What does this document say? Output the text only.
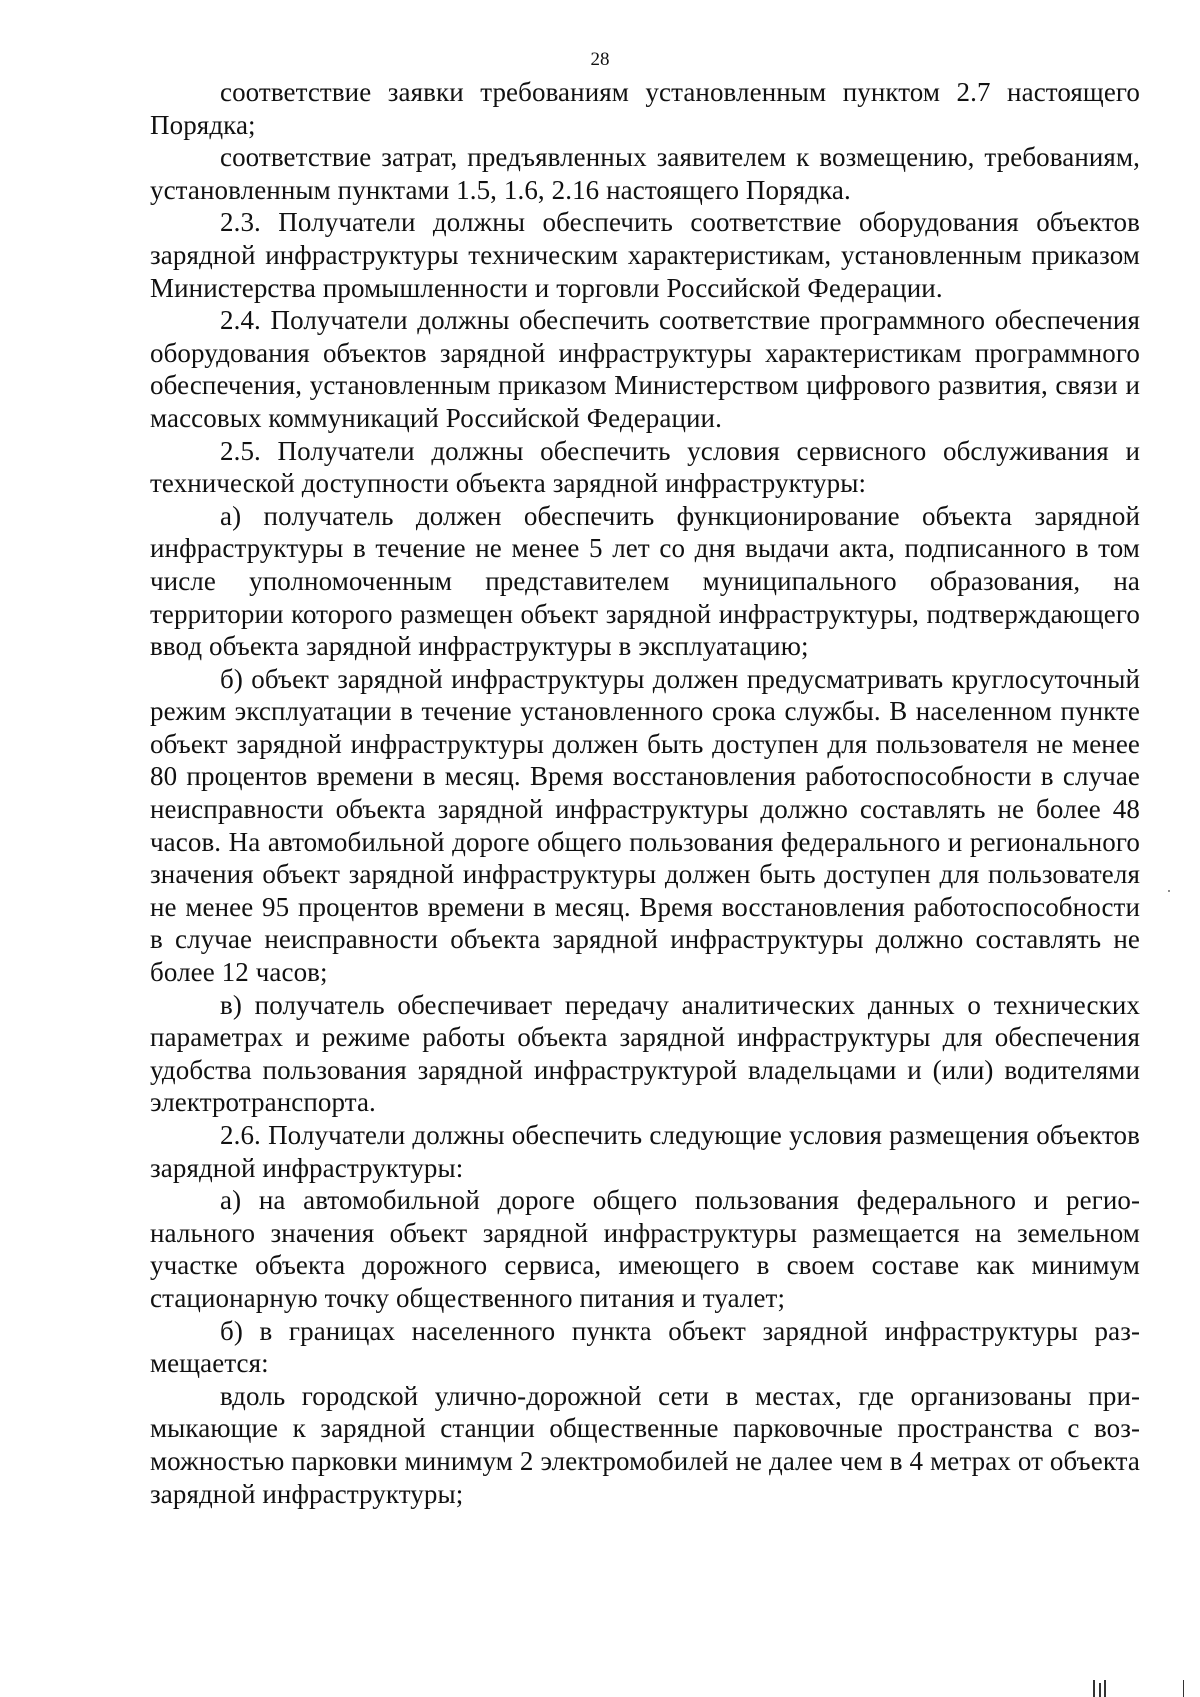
28

соответствие заявки требованиям установленным пунктом 2.7 настоящего Порядка;

соответствие затрат, предъявленных заявителем к возмещению, требованиям, установленным пунктами 1.5, 1.6, 2.16 настоящего Порядка.

2.3. Получатели должны обеспечить соответствие оборудования объектов зарядной инфраструктуры техническим характеристикам, установленным приказом Министерства промышленности и торговли Российской Федерации.

2.4. Получатели должны обеспечить соответствие программного обеспечения оборудования объектов зарядной инфраструктуры характеристикам программного обеспечения, установленным приказом Министерством цифрового развития, связи и массовых коммуникаций Российской Федерации.

2.5. Получатели должны обеспечить условия сервисного обслуживания и технической доступности объекта зарядной инфраструктуры:

а) получатель должен обеспечить функционирование объекта зарядной инфраструктуры в течение не менее 5 лет со дня выдачи акта, подписанного в том числе уполномоченным представителем муниципального образования, на территории которого размещен объект зарядной инфраструктуры, подтверждающего ввод объекта зарядной инфраструктуры в эксплуатацию;

б) объект зарядной инфраструктуры должен предусматривать круглосуточный режим эксплуатации в течение установленного срока службы. В населенном пункте объект зарядной инфраструктуры должен быть доступен для пользователя не менее 80 процентов времени в месяц. Время восстановления работоспособности в случае неисправности объекта зарядной инфраструктуры должно составлять не более 48 часов. На автомобильной дороге общего пользования федерального и регионального значения объект зарядной инфраструктуры должен быть доступен для пользователя не менее 95 процентов времени в месяц. Время восстановления работоспособности в случае неисправности объекта зарядной инфраструктуры должно составлять не более 12 часов;

в) получатель обеспечивает передачу аналитических данных о технических параметрах и режиме работы объекта зарядной инфраструктуры для обеспечения удобства пользования зарядной инфраструктурой владельцами и (или) водителями электротранспорта.

2.6. Получатели должны обеспечить следующие условия размещения объектов зарядной инфраструктуры:

а) на автомобильной дороге общего пользования федерального и регионального значения объект зарядной инфраструктуры размещается на земельном участке объекта дорожного сервиса, имеющего в своем составе как минимум стационарную точку общественного питания и туалет;

б) в границах населенного пункта объект зарядной инфраструктуры размещается:

вдоль городской улично-дорожной сети в местах, где организованы примыкающие к зарядной станции общественные парковочные пространства с возможностью парковки минимум 2 электромобилей не далее чем в 4 метрах от объекта зарядной инфраструктуры;
